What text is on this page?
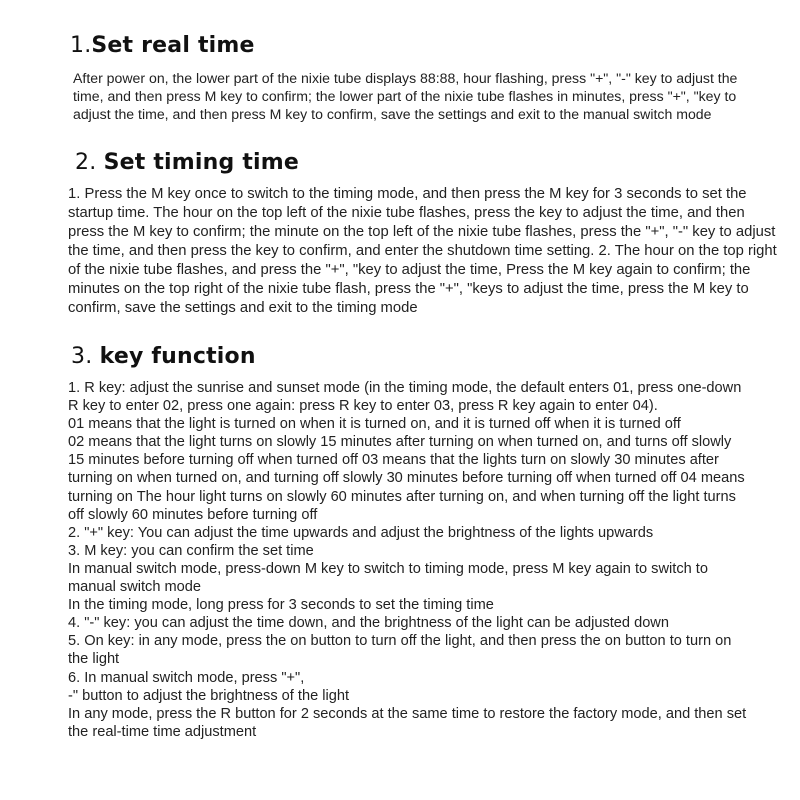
1.Set real time

After power on, the lower part of the nixie tube displays 88:88, hour flashing, press "+", "-" key to adjust the time, and then press M key to confirm; the lower part of the nixie tube flashes in minutes, press "+", "key to adjust the time, and then press M key to confirm, save the settings and exit to the manual switch mode

2. Set timing time

1. Press the M key once to switch to the timing mode, and then press the M key for 3 seconds to set the startup time. The hour on the top left of the nixie tube flashes, press the key to adjust the time, and then press the M key to confirm; the minute on the top left of the nixie tube flashes, press the "+", "-" key to adjust the time, and then press the key to confirm, and enter the shutdown time setting. 2. The hour on the top right of the nixie tube flashes, and press the "+", "key to adjust the time, Press the M key again to confirm; the minutes on the top right of the nixie tube flash, press the "+", "keys to adjust the time, press the M key to confirm, save the settings and exit to the timing mode

3. key function

1. R key: adjust the sunrise and sunset mode (in the timing mode, the default enters 01, press one-down

R key to enter 02, press one again: press R key to enter 03, press R key again to enter 04).

01 means that the light is turned on when it is turned on, and it is turned off when it is turned off

02 means that the light turns on slowly 15 minutes after turning on when turned on, and turns off slowly

15 minutes before turning off when turned off 03 means that the lights turn on slowly 30 minutes after

turning on when turned on, and turning off slowly 30 minutes before turning off when turned off 04 means

turning on The hour light turns on slowly 60 minutes after turning on, and when turning off the light turns

off slowly 60 minutes before turning off

2. "+" key: You can adjust the time upwards and adjust the brightness of the lights upwards

3. M key: you can confirm the set time

In manual switch mode, press-down M key to switch to timing mode, press M key again to switch to

manual switch mode

In the timing mode, long press for 3 seconds to set the timing time

4. "-" key: you can adjust the time down, and the brightness of the light can be adjusted down

5. On key: in any mode, press the on button to turn off the light, and then press the on button to turn on

the light

6. In manual switch mode, press "+",

-" button to adjust the brightness of the light

In any mode, press the R button for 2 seconds at the same time to restore the factory mode, and then set

the real-time time adjustment
